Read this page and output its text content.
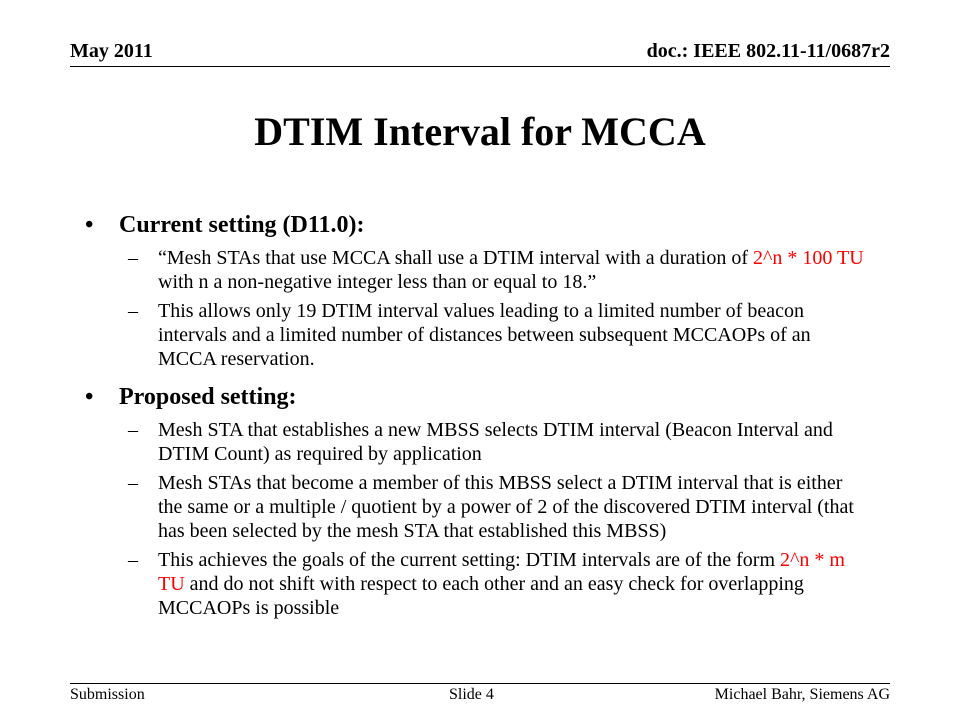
May 2011	doc.: IEEE 802.11-11/0687r2
DTIM Interval for MCCA
• Current setting (D11.0):
– “Mesh STAs that use MCCA shall use a DTIM interval with a duration of 2^n * 100 TU with n a non-negative integer less than or equal to 18.”
– This allows only 19 DTIM interval values leading to a limited number of beacon intervals and a limited number of distances between subsequent MCCAOPs of an MCCA reservation.
• Proposed setting:
– Mesh STA that establishes a new MBSS selects DTIM interval (Beacon Interval and DTIM Count) as required by application
– Mesh STAs that become a member of this MBSS select a DTIM interval that is either the same or a multiple / quotient by a power of 2 of the discovered DTIM interval (that has been selected by the mesh STA that established this MBSS)
– This achieves the goals of the current setting: DTIM intervals are of the form 2^n * m TU and do not shift with respect to each other and an easy check for overlapping MCCAOPs is possible
Submission	Slide 4	Michael Bahr, Siemens AG
